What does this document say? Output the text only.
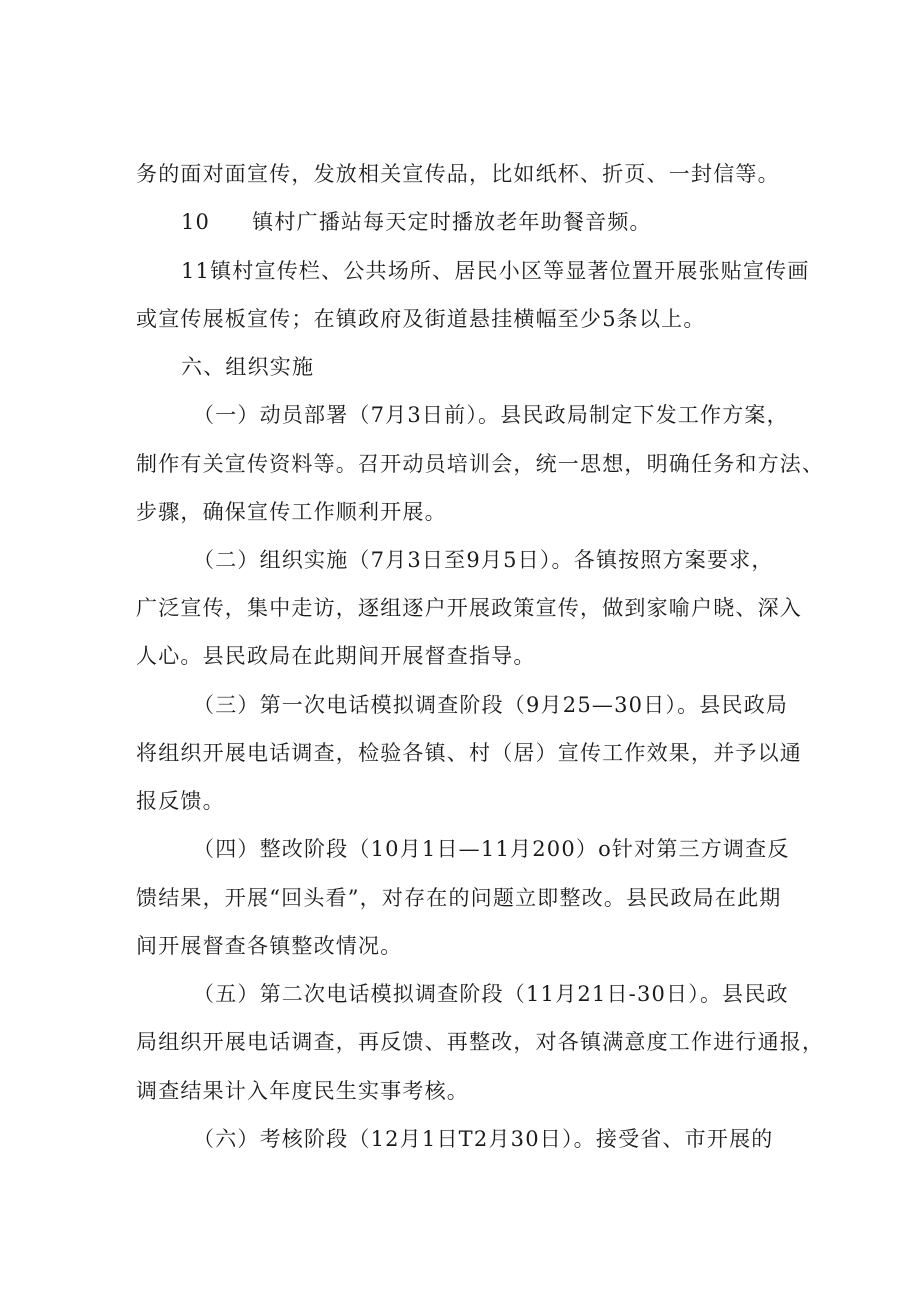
务的面对面宣传，发放相关宣传品，比如纸杯、折页、一封信等。
10 镇村广播站每天定时播放老年助餐音频。
11镇村宣传栏、公共场所、居民小区等显著位置开展张贴宣传画
或宣传展板宣传；在镇政府及街道悬挂横幅至少5条以上。
六、组织实施
（一）动员部署（7月3日前）。县民政局制定下发工作方案，
制作有关宣传资料等。召开动员培训会，统一思想，明确任务和方法、
步骤，确保宣传工作顺利开展。
（二）组织实施（7月3日至9月5日）。各镇按照方案要求，
广泛宣传，集中走访，逐组逐户开展政策宣传，做到家喻户晓、深入
人心。县民政局在此期间开展督查指导。
（三）第一次电话模拟调查阶段（9月25—30日）。县民政局
将组织开展电话调查，检验各镇、村（居）宣传工作效果，并予以通
报反馈。
（四）整改阶段（10月1日—11月200）o针对第三方调查反
馈结果，开展“回头看”，对存在的问题立即整改。县民政局在此期
间开展督查各镇整改情况。
（五）第二次电话模拟调查阶段（11月21日-30日）。县民政
局组织开展电话调查，再反馈、再整改，对各镇满意度工作进行通报，
调查结果计入年度民生实事考核。
（六）考核阶段（12月1日T2月30日）。接受省、市开展的
